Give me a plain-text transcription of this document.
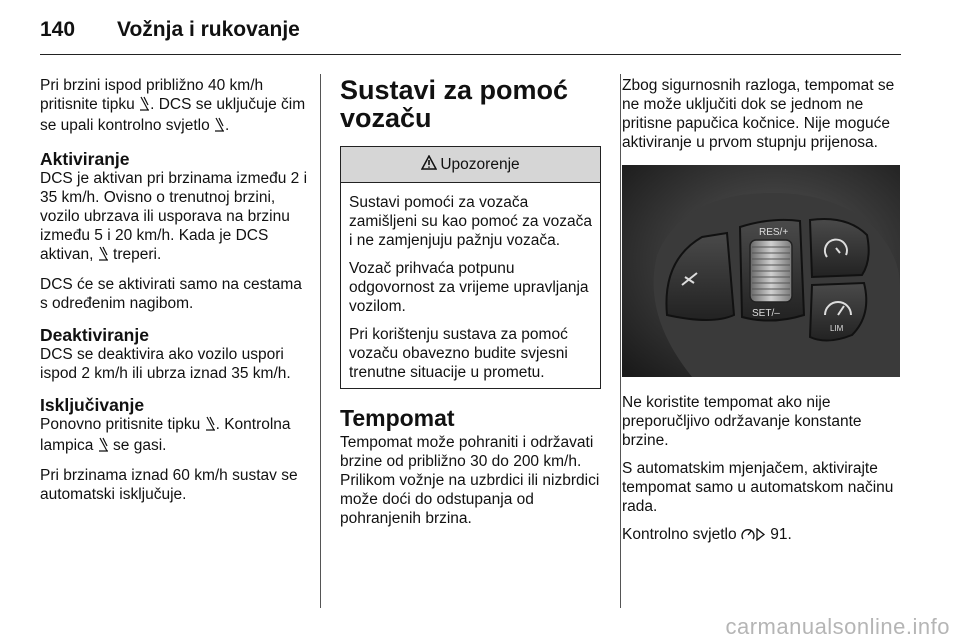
140 Vožnja i rukovanje

Pri brzini ispod približno 40 km/h pritisnite tipku . DCS se uključuje čim se upali kontrolno svjetlo .

Aktiviranje

DCS je aktivan pri brzinama između 2 i 35 km/h. Ovisno o trenutnoj brzini, vozilo ubrzava ili usporava na brzinu između 5 i 20 km/h. Kada je DCS aktivan,  treperi.

DCS će se aktivirati samo na cestama s određenim nagibom.

Deaktiviranje

DCS se deaktivira ako vozilo uspori ispod 2 km/h ili ubrza iznad 35 km/h.

Isključivanje

Ponovno pritisnite tipku . Kontrolna lampica  se gasi.

Pri brzinama iznad 60 km/h sustav se automatski isključuje.

Sustavi za pomoć vozaču
Upozorenje

Sustavi pomoći za vozača zamišljeni su kao pomoć za vozača i ne zamjenjuju pažnju vozača.

Vozač prihvaća potpunu odgovornost za vrijeme upravljanja vozilom.

Pri korištenju sustava za pomoć vozaču obavezno budite svjesni trenutne situacije u prometu.

Tempomat

Tempomat može pohraniti i održavati brzine od približno 30 do 200 km/h. Prilikom vožnje na uzbrdici ili nizbrdici može doći do odstupanja od pohranjenih brzina.

Zbog sigurnosnih razloga, tempomat se ne može uključiti dok se jednom ne pritisne papučica kočnice. Nije moguće aktiviranje u prvom stupnju prijenosa.

RES/+
SET/–
LIM

Ne koristite tempomat ako nije preporučljivo održavanje konstante brzine.

S automatskim mjenjačem, aktivirajte tempomat samo u automatskom načinu rada.

Kontrolno svjetlo  91.

carmanualsonline.info
